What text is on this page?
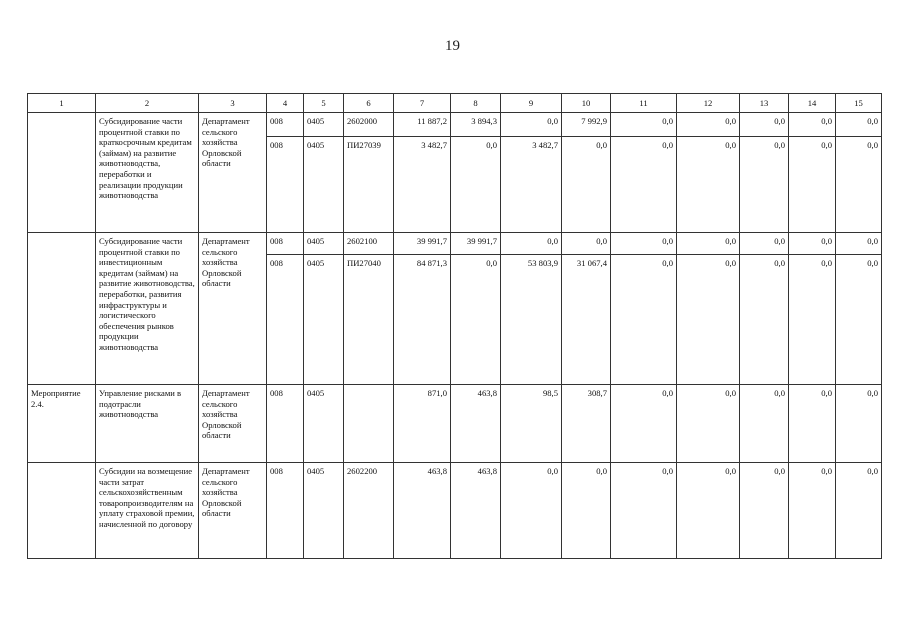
19
1	2	3	4	5	6	7	8	9	10	11	12	13	14	15
	Субсидирование части процентной ставки по краткосрочным кредитам (займам) на развитие животноводства, переработки и реализации продукции животноводства	Департамент сельского хозяйства Орловской области	008	0405	2602000	11 887,2	3 894,3	0,0	7 992,9	0,0	0,0	0,0	0,0	0,0
			008	0405	ПИ27039	3 482,7	0,0	3 482,7	0,0	0,0	0,0	0,0	0,0	0,0
	Субсидирование части процентной ставки по инвестиционным кредитам (займам) на развитие животноводства, переработки, развития инфраструктуры и логистического обеспечения рынков продукции животноводства	Департамент сельского хозяйства Орловской области	008	0405	2602100	39 991,7	39 991,7	0,0	0,0	0,0	0,0	0,0	0,0	0,0
			008	0405	ПИ27040	84 871,3	0,0	53 803,9	31 067,4	0,0	0,0	0,0	0,0	0,0
Мероприятие 2.4.	Управление рисками в подотрасли животноводства	Департамент сельского хозяйства Орловской области	008	0405		871,0	463,8	98,5	308,7	0,0	0,0	0,0	0,0	0,0
	Субсидии на возмещение части затрат сельскохозяйственным товаропроизводителям на уплату страховой премии, начисленной по договору	Департамент сельского хозяйства Орловской области	008	0405	2602200	463,8	463,8	0,0	0,0	0,0	0,0	0,0	0,0	0,0
